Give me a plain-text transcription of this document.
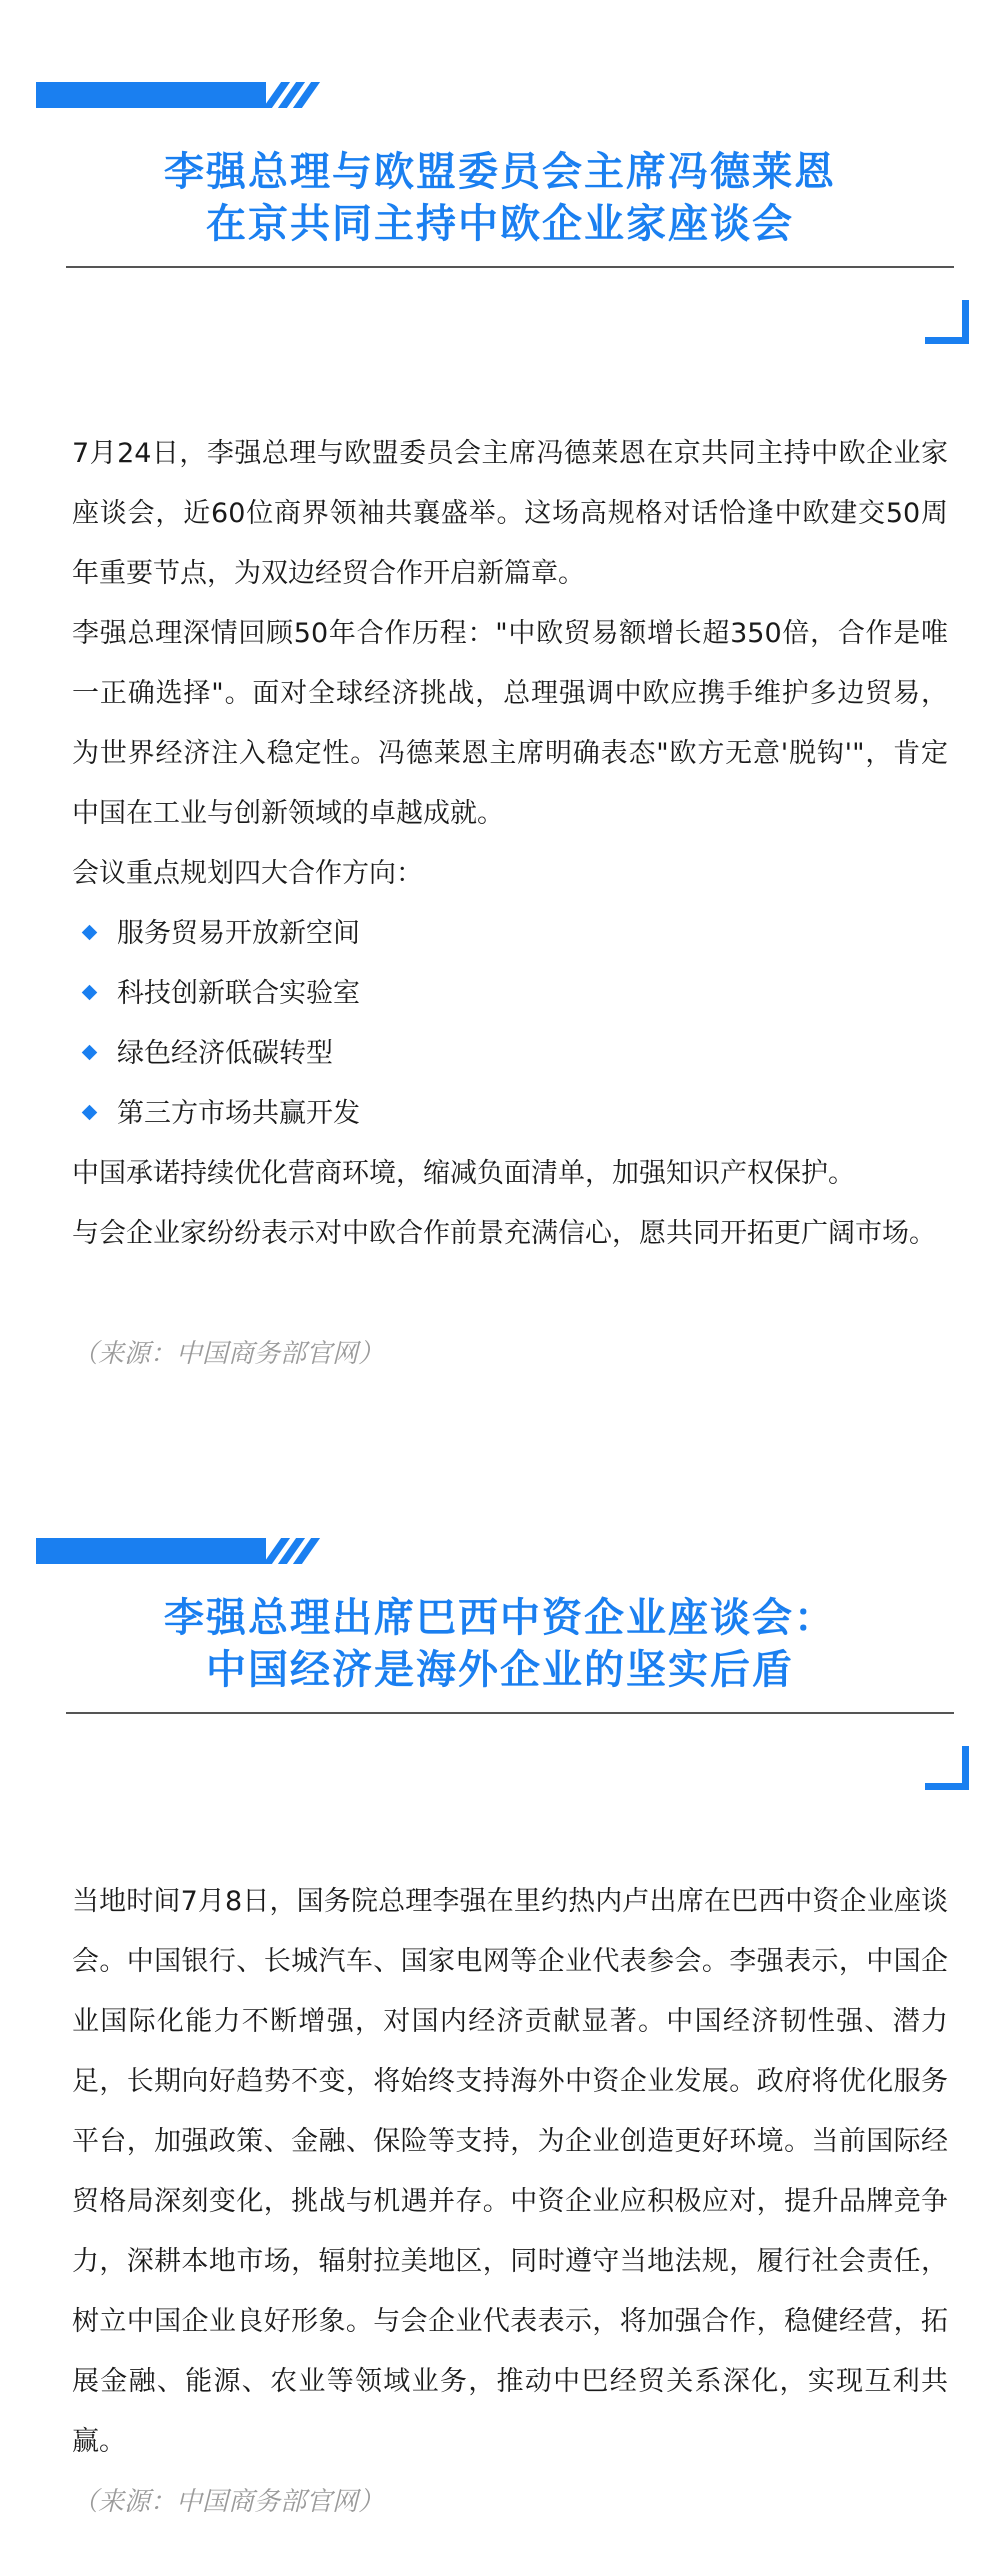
李强总理与欧盟委员会主席冯德莱恩
在京共同主持中欧企业家座谈会
7月24日，李强总理与欧盟委员会主席冯德莱恩在京共同主持中欧企业家座谈会，近60位商界领袖共襄盛举。这场高规格对话恰逢中欧建交50周年重要节点，为双边经贸合作开启新篇章。
李强总理深情回顾50年合作历程："中欧贸易额增长超350倍，合作是唯一正确选择"。面对全球经济挑战，总理强调中欧应携手维护多边贸易，为世界经济注入稳定性。冯德莱恩主席明确表态"欧方无意'脱钩'"，肯定中国在工业与创新领域的卓越成就。
会议重点规划四大合作方向：
服务贸易开放新空间
科技创新联合实验室
绿色经济低碳转型
第三方市场共赢开发
中国承诺持续优化营商环境，缩减负面清单，加强知识产权保护。
与会企业家纷纷表示对中欧合作前景充满信心，愿共同开拓更广阔市场。
（来源：中国商务部官网）
李强总理出席巴西中资企业座谈会：
中国经济是海外企业的坚实后盾
当地时间7月8日，国务院总理李强在里约热内卢出席在巴西中资企业座谈会。中国银行、长城汽车、国家电网等企业代表参会。李强表示，中国企业国际化能力不断增强，对国内经济贡献显著。中国经济韧性强、潜力足，长期向好趋势不变，将始终支持海外中资企业发展。政府将优化服务平台，加强政策、金融、保险等支持，为企业创造更好环境。当前国际经贸格局深刻变化，挑战与机遇并存。中资企业应积极应对，提升品牌竞争力，深耕本地市场，辐射拉美地区，同时遵守当地法规，履行社会责任，树立中国企业良好形象。与会企业代表表示，将加强合作，稳健经营，拓展金融、能源、农业等领域业务，推动中巴经贸关系深化，实现互利共赢。
（来源：中国商务部官网）
